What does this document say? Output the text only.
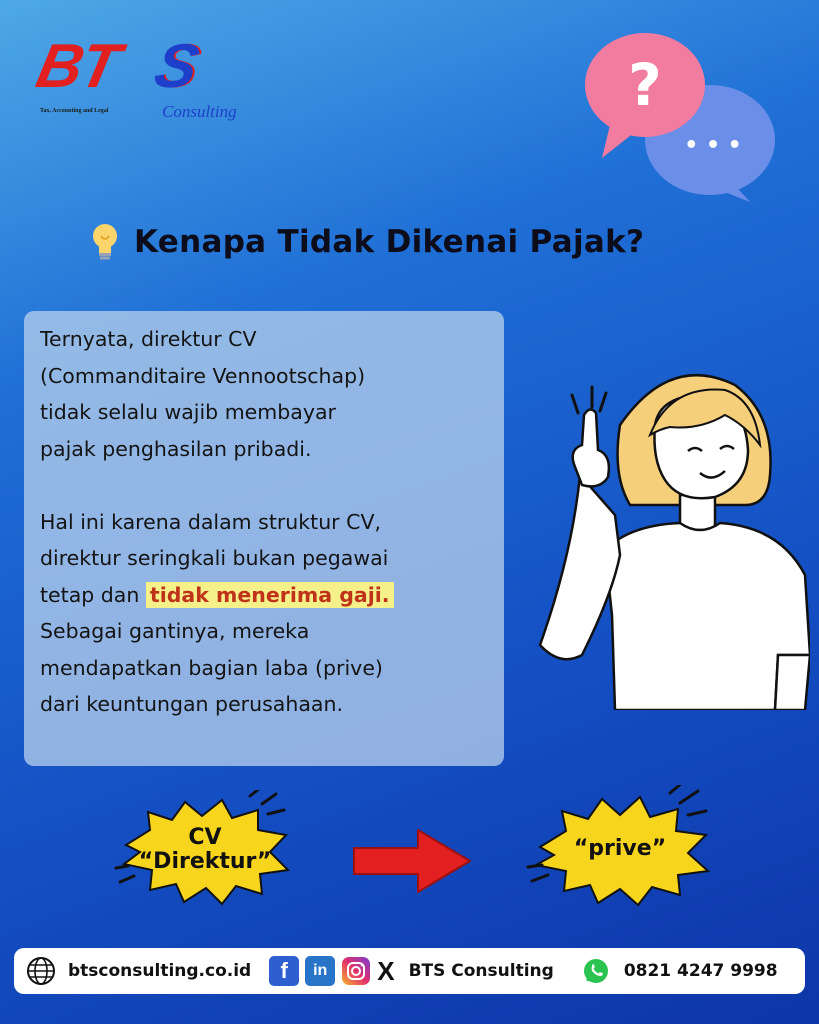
BT S
Tax, Accounting and Legal	Consulting	?
• • •
Kenapa Tidak Dikenai Pajak?

Ternyata, direktur CV

(Commanditaire Vennootschap)

tidak selalu wajib membayar

pajak penghasilan pribadi.

Hal ini karena dalam struktur CV,

direktur seringkali bukan pegawai

tetap dan tidak menerima gaji.

Sebagai gantinya, mereka

mendapatkan bagian laba (prive)

dari keuntungan perusahaan.

CV
“Direktur”
“prive”
btsconsulting.co.id	f	in	X BTS Consulting	0821 4247 9998
